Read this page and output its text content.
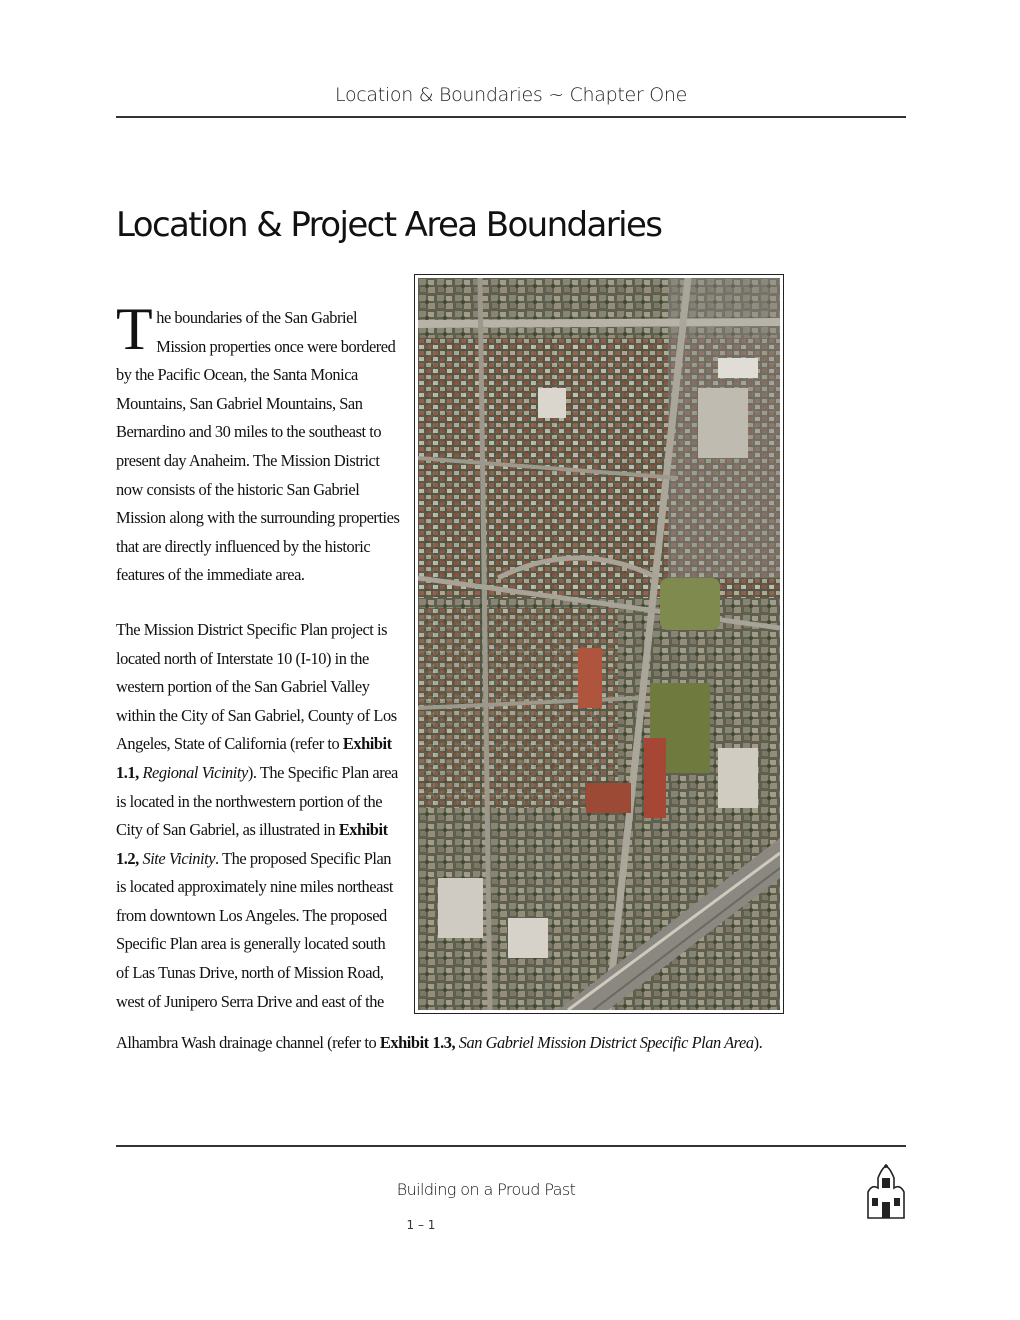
Location & Boundaries ~ Chapter One
Location & Project Area Boundaries

The boundaries of the San Gabriel Mission properties once were bordered by the Pacific Ocean, the Santa Monica Mountains, San Gabriel Mountains, San Bernardino and 30 miles to the southeast to present day Anaheim. The Mission District now consists of the historic San Gabriel Mission along with the surrounding properties that are directly influenced by the historic features of the immediate area.

The Mission District Specific Plan project is located north of Interstate 10 (I-10) in the western portion of the San Gabriel Valley within the City of San Gabriel, County of Los Angeles, State of California (refer to Exhibit 1.1, Regional Vicinity). The Specific Plan area is located in the northwestern portion of the City of San Gabriel, as illustrated in Exhibit 1.2, Site Vicinity. The proposed Specific Plan is located approximately nine miles northeast from downtown Los Angeles. The proposed Specific Plan area is generally located south of Las Tunas Drive, north of Mission Road, west of Junipero Serra Drive and east of the

Alhambra Wash drainage channel (refer to Exhibit 1.3, San Gabriel Mission District Specific Plan Area).
Building on a Proud Past
1 – 1
